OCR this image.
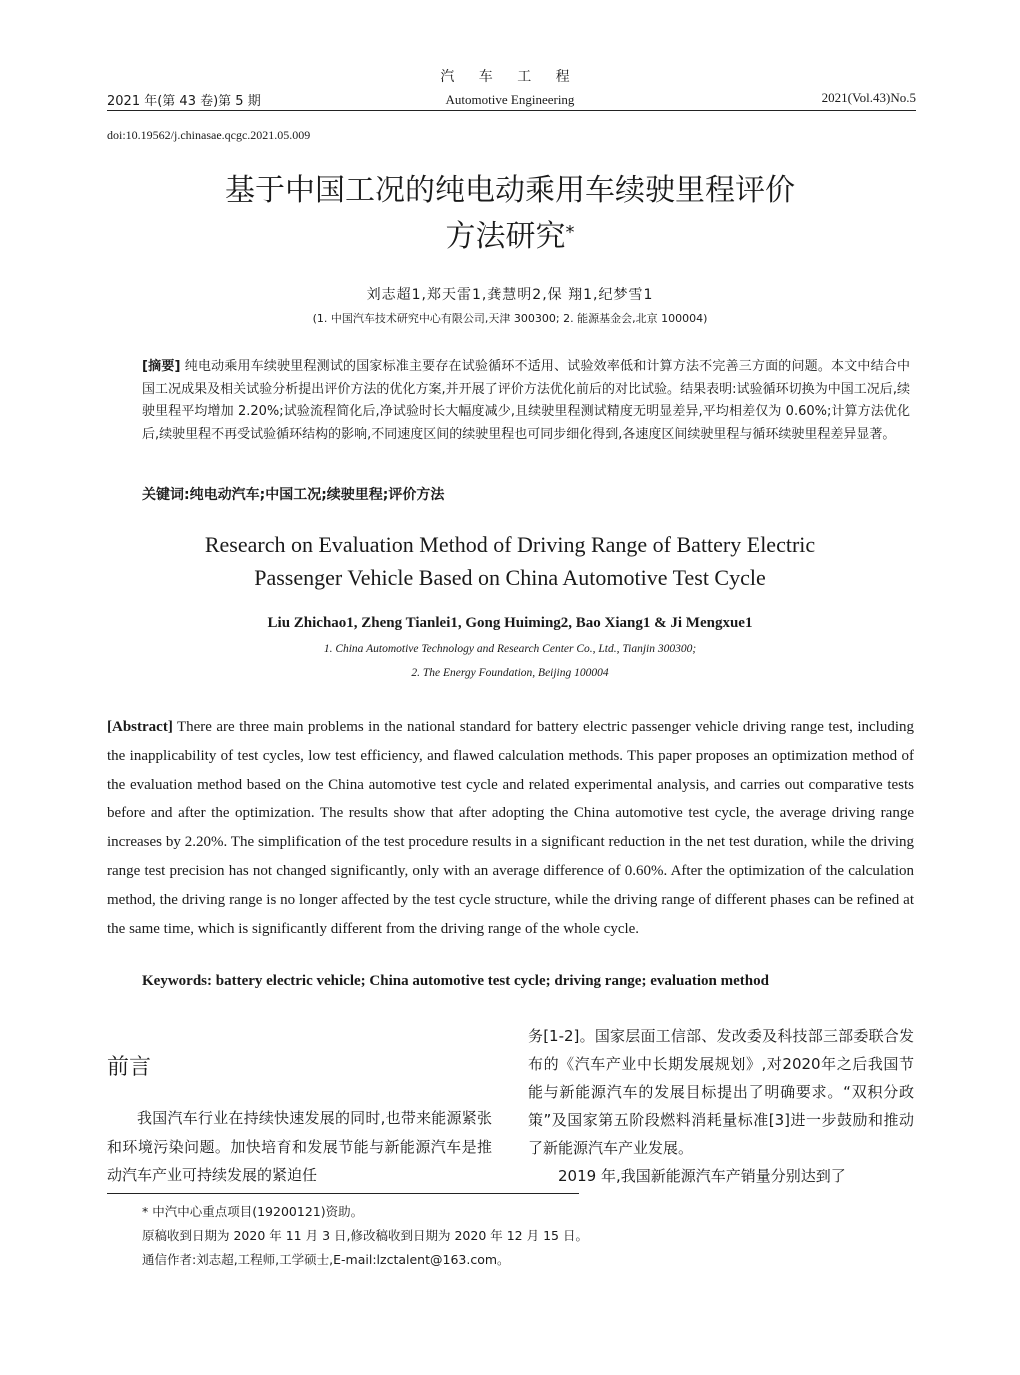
汽 车 工 程
2021 年(第 43 卷)第 5 期	Automotive Engineering	2021(Vol.43)No.5
doi:10.19562/j.chinasae.qcgc.2021.05.009
基于中国工况的纯电动乘用车续驶里程评价
方法研究*
刘志超1,郑天雷1,龚慧明2,保 翔1,纪梦雪1
(1. 中国汽车技术研究中心有限公司,天津 300300; 2. 能源基金会,北京 100004)
[摘要] 纯电动乘用车续驶里程测试的国家标准主要存在试验循环不适用、试验效率低和计算方法不完善三方面的问题。本文中结合中国工况成果及相关试验分析提出评价方法的优化方案,并开展了评价方法优化前后的对比试验。结果表明:试验循环切换为中国工况后,续驶里程平均增加 2.20%;试验流程简化后,净试验时长大幅度减少,且续驶里程测试精度无明显差异,平均相差仅为 0.60%;计算方法优化后,续驶里程不再受试验循环结构的影响,不同速度区间的续驶里程也可同步细化得到,各速度区间续驶里程与循环续驶里程差异显著。
关键词:纯电动汽车;中国工况;续驶里程;评价方法
Research on Evaluation Method of Driving Range of Battery Electric
Passenger Vehicle Based on China Automotive Test Cycle
Liu Zhichao1, Zheng Tianlei1, Gong Huiming2, Bao Xiang1 & Ji Mengxue1
1. China Automotive Technology and Research Center Co., Ltd., Tianjin 300300;
2. The Energy Foundation, Beijing 100004
[Abstract] There are three main problems in the national standard for battery electric passenger vehicle driving range test, including the inapplicability of test cycles, low test efficiency, and flawed calculation methods. This paper proposes an optimization method of the evaluation method based on the China automotive test cycle and related experimental analysis, and carries out comparative tests before and after the optimization. The results show that after adopting the China automotive test cycle, the average driving range increases by 2.20%. The simplification of the test procedure results in a significant reduction in the net test duration, while the driving range test precision has not changed significantly, only with an average difference of 0.60%. After the optimization of the calculation method, the driving range is no longer affected by the test cycle structure, while the driving range of different phases can be refined at the same time, which is significantly different from the driving range of the whole cycle.
Keywords: battery electric vehicle; China automotive test cycle; driving range; evaluation method
前言
我国汽车行业在持续快速发展的同时,也带来能源紧张和环境污染问题。加快培育和发展节能与新能源汽车是推动汽车产业可持续发展的紧迫任
务[1-2]。国家层面工信部、发改委及科技部三部委联合发布的《汽车产业中长期发展规划》,对2020年之后我国节能与新能源汽车的发展目标提出了明确要求。“双积分政策”及国家第五阶段燃料消耗量标准[3]进一步鼓励和推动了新能源汽车产业发展。
2019 年,我国新能源汽车产销量分别达到了
* 中汽中心重点项目(19200121)资助。
原稿收到日期为 2020 年 11 月 3 日,修改稿收到日期为 2020 年 12 月 15 日。
通信作者:刘志超,工程师,工学硕士,E-mail:lzctalent@163.com。
